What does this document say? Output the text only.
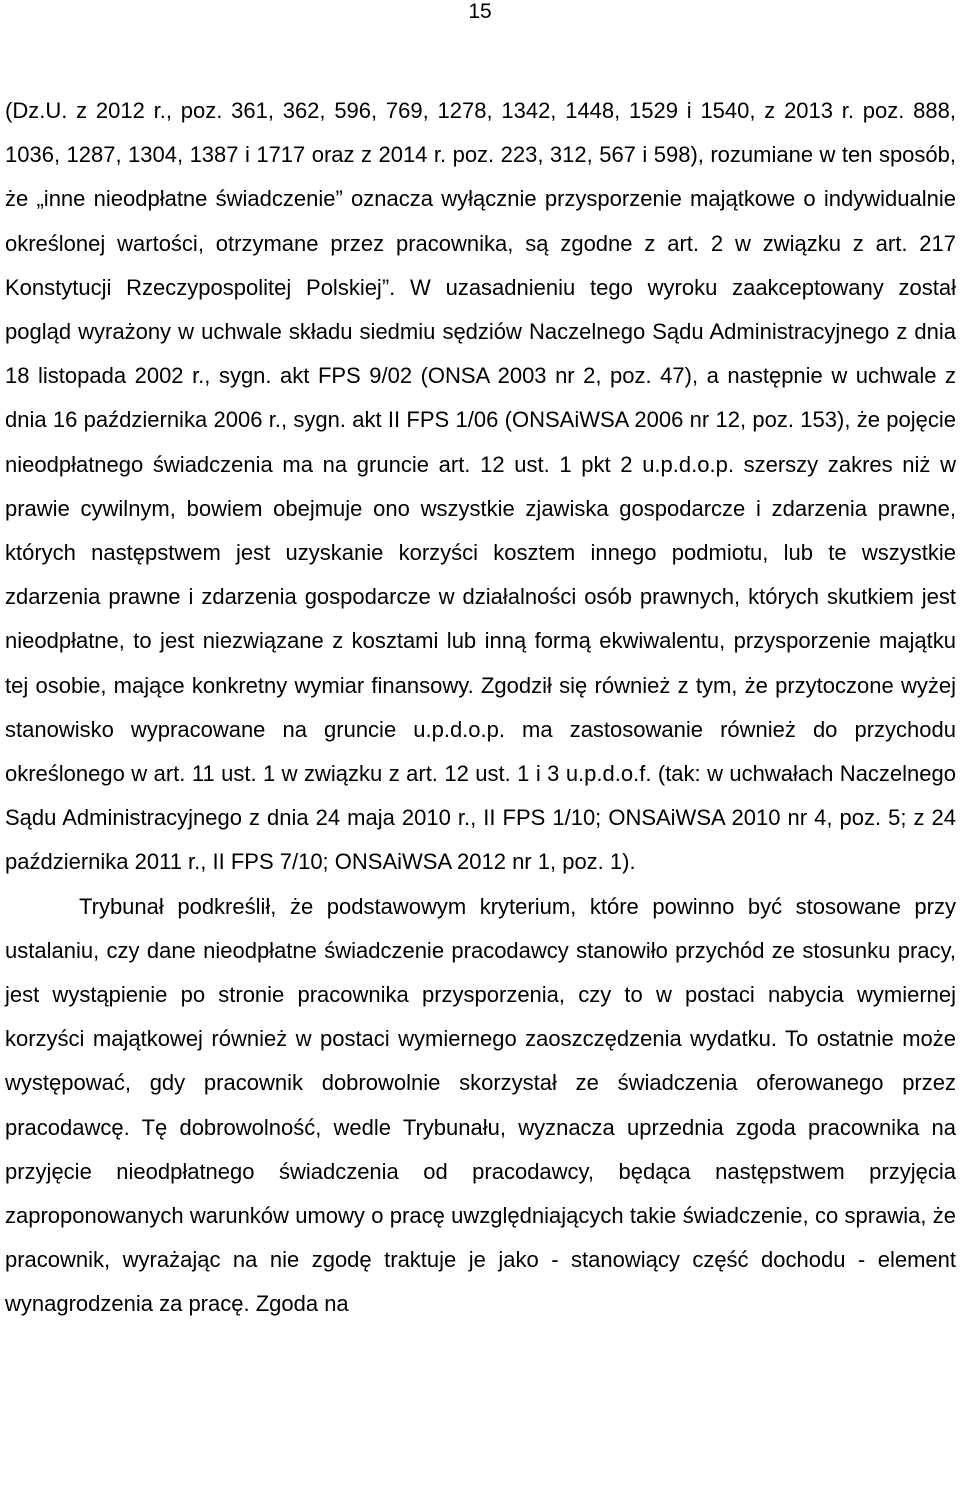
15

(Dz.U. z 2012 r., poz. 361, 362, 596, 769, 1278, 1342, 1448, 1529 i 1540, z 2013 r. poz. 888, 1036, 1287, 1304, 1387 i 1717 oraz z 2014 r. poz. 223, 312, 567 i 598), rozumiane w ten sposób, że „inne nieodpłatne świadczenie” oznacza wyłącznie przysporzenie majątkowe o indywidualnie określonej wartości, otrzymane przez pracownika, są zgodne z art. 2 w związku z art. 217 Konstytucji Rzeczypospolitej Polskiej”. W uzasadnieniu tego wyroku zaakceptowany został pogląd wyrażony w uchwale składu siedmiu sędziów Naczelnego Sądu Administracyjnego z dnia 18 listopada 2002 r., sygn. akt FPS 9/02 (ONSA 2003 nr 2, poz. 47), a następnie w uchwale z dnia 16 października 2006 r., sygn. akt II FPS 1/06 (ONSAiWSA 2006 nr 12, poz. 153), że pojęcie nieodpłatnego świadczenia ma na gruncie art. 12 ust. 1 pkt 2 u.p.d.o.p. szerszy zakres niż w prawie cywilnym, bowiem obejmuje ono wszystkie zjawiska gospodarcze i zdarzenia prawne, których następstwem jest uzyskanie korzyści kosztem innego podmiotu, lub te wszystkie zdarzenia prawne i zdarzenia gospodarcze w działalności osób prawnych, których skutkiem jest nieodpłatne, to jest niezwiązane z kosztami lub inną formą ekwiwalentu, przysporzenie majątku tej osobie, mające konkretny wymiar finansowy. Zgodził się również z tym, że przytoczone wyżej stanowisko wypracowane na gruncie u.p.d.o.p. ma zastosowanie również do przychodu określonego w art. 11 ust. 1 w związku z art. 12 ust. 1 i 3 u.p.d.o.f. (tak: w uchwałach Naczelnego Sądu Administracyjnego z dnia 24 maja 2010 r., II FPS 1/10; ONSAiWSA 2010 nr 4, poz. 5; z 24 października 2011 r., II FPS 7/10; ONSAiWSA 2012 nr 1, poz. 1).

Trybunał podkreślił, że podstawowym kryterium, które powinno być stosowane przy ustalaniu, czy dane nieodpłatne świadczenie pracodawcy stanowiło przychód ze stosunku pracy, jest wystąpienie po stronie pracownika przysporzenia, czy to w postaci nabycia wymiernej korzyści majątkowej również w postaci wymiernego zaoszczędzenia wydatku. To ostatnie może występować, gdy pracownik dobrowolnie skorzystał ze świadczenia oferowanego przez pracodawcę. Tę dobrowolność, wedle Trybunału, wyznacza uprzednia zgoda pracownika na przyjęcie nieodpłatnego świadczenia od pracodawcy, będąca następstwem przyjęcia zaproponowanych warunków umowy o pracę uwzględniających takie świadczenie, co sprawia, że pracownik, wyrażając na nie zgodę traktuje je jako - stanowiący część dochodu - element wynagrodzenia za pracę. Zgoda na
